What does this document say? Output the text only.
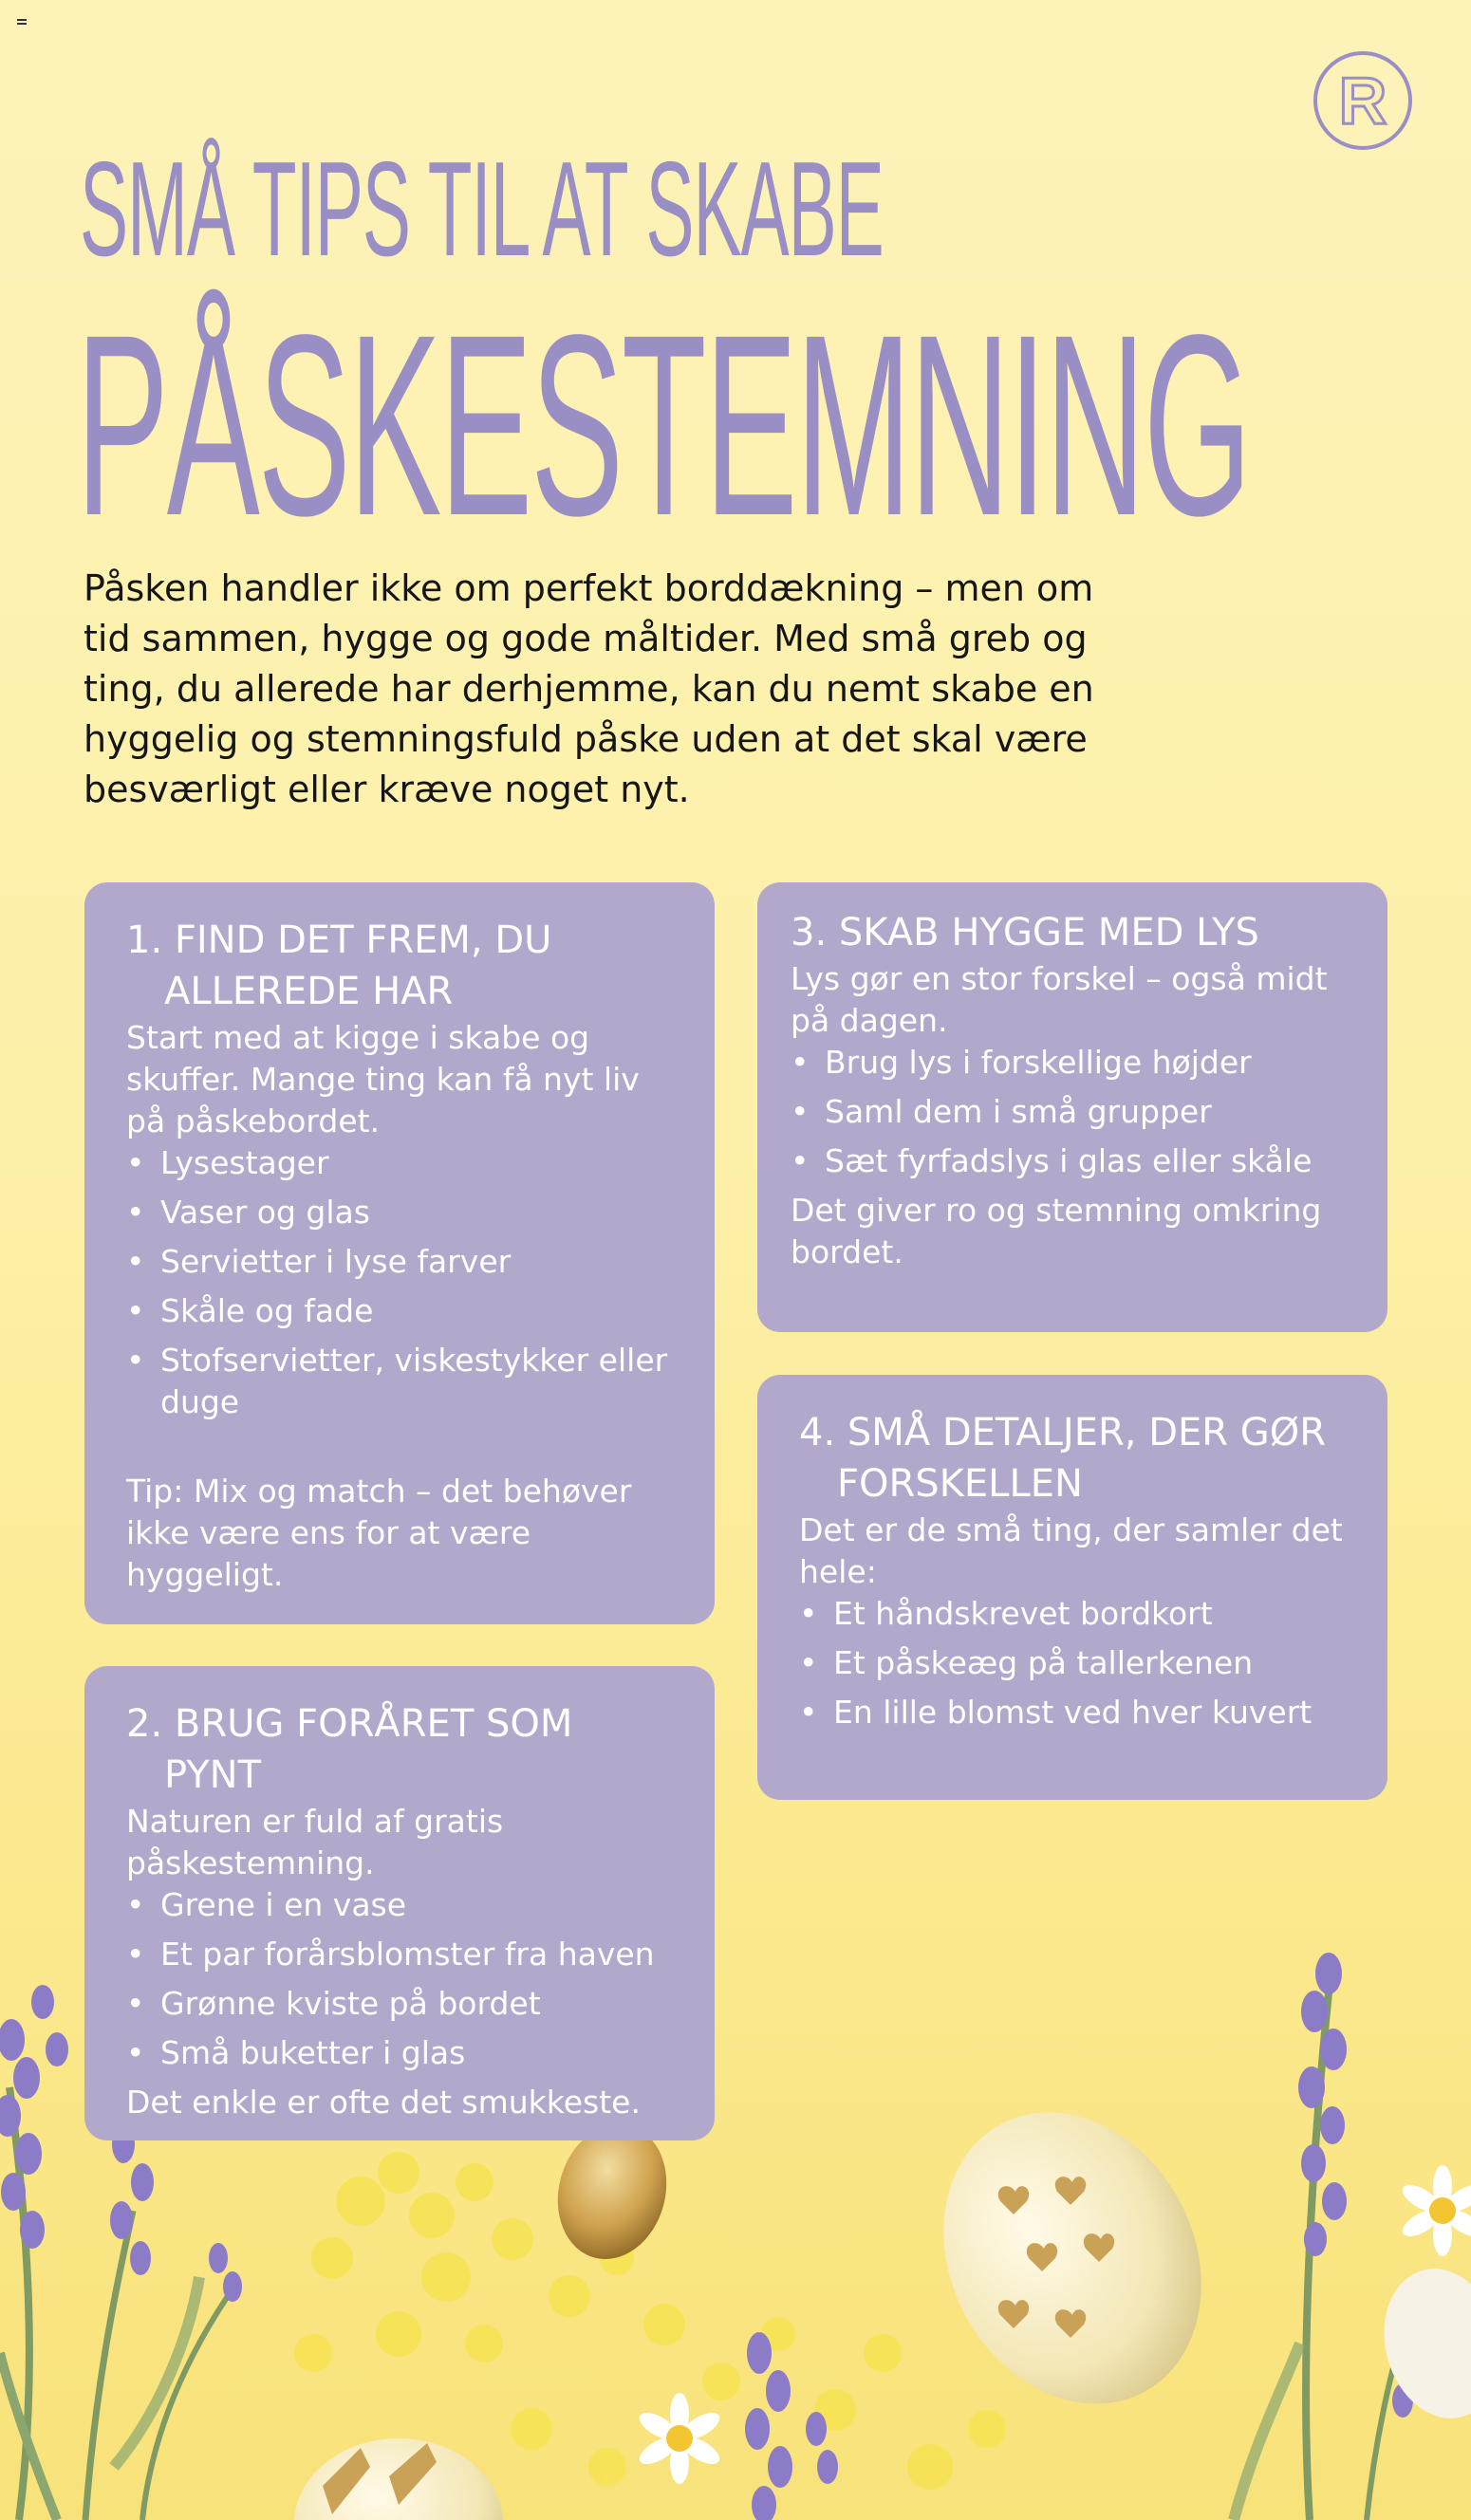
R
SMÅ TIPS TIL AT SKABE
PÅSKESTEMNING
Påsken handler ikke om perfekt borddækning – men om tid sammen, hygge og gode måltider. Med små greb og ting, du allerede har derhjemme, kan du nemt skabe en hyggelig og stemningsfuld påske uden at det skal være besværligt eller kræve noget nyt.
1. FIND DET FREM, DU ALLEREDE HAR

Start med at kigge i skabe og skuffer. Mange ting kan få nyt liv på påskebordet.

• Lysestager
• Vaser og glas
• Servietter i lyse farver
• Skåle og fade
• Stofservietter, viskestykker eller duge

Tip: Mix og match – det behøver ikke være ens for at være hyggeligt.

2. BRUG FORÅRET SOM PYNT

Naturen er fuld af gratis påskestemning.

• Grene i en vase
• Et par forårsblomster fra haven
• Grønne kviste på bordet
• Små buketter i glas

Det enkle er ofte det smukkeste.

3. SKAB HYGGE MED LYS

Lys gør en stor forskel – også midt på dagen.

• Brug lys i forskellige højder
• Saml dem i små grupper
• Sæt fyrfadslys i glas eller skåle

Det giver ro og stemning omkring bordet.

4. SMÅ DETALJER, DER GØR FORSKELLEN

Det er de små ting, der samler det hele:

• Et håndskrevet bordkort
• Et påskeæg på tallerkenen
• En lille blomst ved hver kuvert
